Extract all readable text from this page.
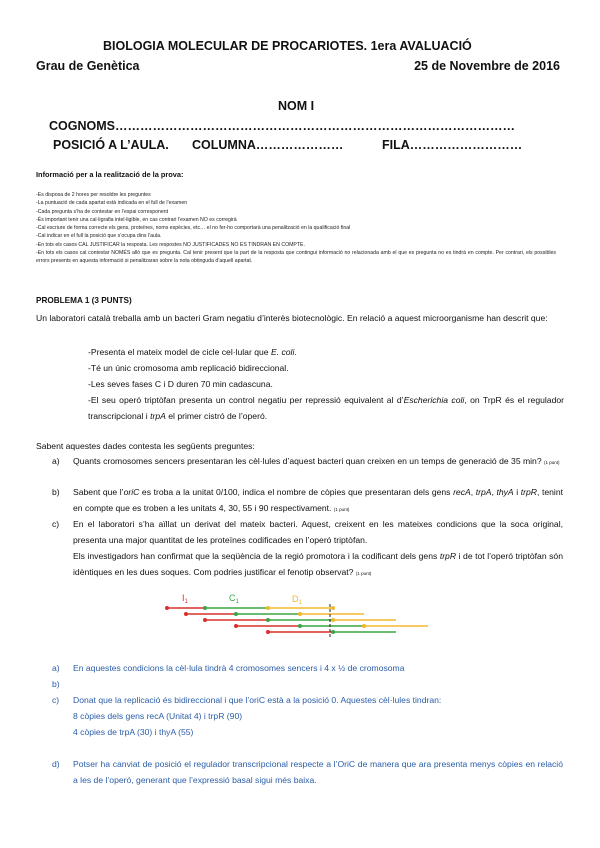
BIOLOGIA MOLECULAR DE PROCARIOTES. 1era AVALUACIÓ
Grau de Genètica	25 de Novembre de 2016
NOM I
COGNOMS……………………………………………………………………………………
POSICIÓ A L’AULA. COLUMNA…………………	FILA………………………
Informació per a la realització de la prova:
-Es disposa de 2 hores per resoldre les preguntes
-La puntuació de cada apartat està indicada en el full de l’examen
-Cada pregunta s’ha de contestar en l’espai corresponent
-És important tenir una cal·ligrafia intel·ligible, en cas contrari l’examen NO es corregirà
-Cal escriure de forma correcte els gens, proteïnes, noms espècies, etc… el no fer-ho comportarà una penalització en la qualificació final
-Cal indicar en el full la posició que s’ocupa dins l’aula.
-En tots els casos CAL JUSTIFICAR la resposta. Les respostes NO JUSTIFICADES NO ES TINDRAN EN COMPTE.
-En tots els casos cal contestar NOMÉS allò que es pregunta. Cal tenir present que la part de la resposta que contingui informació no relacionada amb el que es pregunta no es tindrà en compte. Per contrari, els possibles errors presents en aquesta informació si penalitzaran sobre la nota obtinguda d’aquell apartat.
PROBLEMA 1 (3 PUNTS)
Un laboratori català treballa amb un bacteri Gram negatiu d’interès biotecnològic. En relació a aquest microorganisme han descrit que:
-Presenta el mateix model de cicle cel·lular que E. coli.
-Té un únic cromosoma amb replicació bidireccional.
-Les seves fases C i D duren 70 min cadascuna.
-El seu operó triptòfan presenta un control negatiu per repressió equivalent al d’Escherichia coli, on TrpR és el regulador transcripcional i trpA el primer cistró de l’operó.
Sabent aquestes dades contesta les següents preguntes:
a) Quants cromosomes sencers presentaran les cèl·lules d’aquest bacteri quan creixen en un temps de generació de 35 min? (1 punt)
b) Sabent que l’oriC es troba a la unitat 0/100, indica el nombre de còpies que presentaran dels gens recA, trpA, thyA i trpR, tenint en compte que es troben a les unitats 4, 30, 55 i 90 respectivament. (1 punt)
c) En el laboratori s’ha aïllat un derivat del mateix bacteri. Aquest, creixent en les mateixes condicions que la soca original, presenta una major quantitat de les proteïnes codificades en l’operó triptòfan.
Els investigadors han confirmat que la seqüència de la regió promotora i la codificant dels gens trpR i de tot l’operó triptòfan són idèntiques en les dues soques. Com podries justificar el fenotip observat? (1 punt)
$I_1$	$C_1$	$D_1$
a) En aquestes condicions la cèl·lula tindrà 4 cromosomes sencers i 4 x ½ de cromosoma
b)
c) Donat que la replicació és bidireccional i que l’oriC està a la posició 0. Aquestes cèl·lules tindran:
8 còpies dels gens recA (Unitat 4) i trpR (90)
4 còpies de trpA (30) i thyA (55)
d) Potser ha canviat de posició el regulador transcripcional respecte a l’OriC de manera que ara presenta menys còpies en relació a les de l’operó, generant que l’expressió basal sigui més baixa.
